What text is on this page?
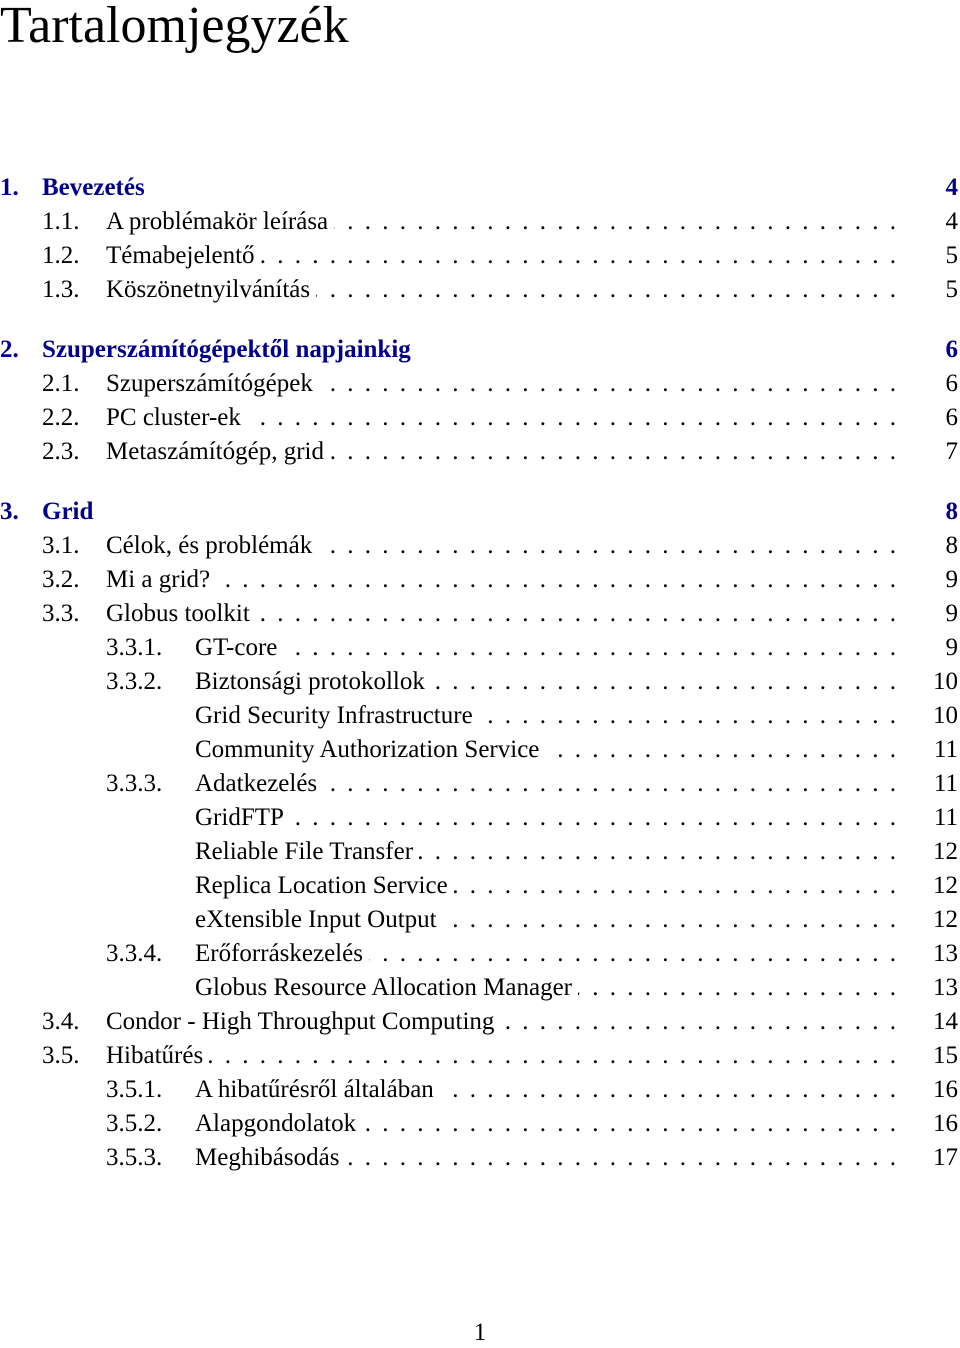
Tartalomjegyzék
1. Bevezetés	4
1.1. A problémakör leírása . . .	4
1.2. Témabejelentő . . .	5
1.3. Köszönetnyilvánítás . . .	5
2. Szuperszámítógépektől napjainkig	6
2.1. Szuperszámítógépek . . .	6
2.2. PC cluster-ek . . .	6
2.3. Metaszámítógép, grid . . .	7
3. Grid	8
3.1. Célok, és problémák . . .	8
3.2. Mi a grid? . . .	9
3.3. Globus toolkit . . .	9
3.3.1. GT-core . . .	9
3.3.2. Biztonsági protokollok . . .	10
Grid Security Infrastructure . . .	10
Community Authorization Service . . .	11
3.3.3. Adatkezelés . . .	11
GridFTP . . .	11
Reliable File Transfer . . .	12
Replica Location Service . . .	12
eXtensible Input Output . . .	12
3.3.4. Erőforráskezelés . . .	13
Globus Resource Allocation Manager . . .	13
3.4. Condor - High Throughput Computing . . .	14
3.5. Hibatűrés . . .	15
3.5.1. A hibatűrésről általában . . .	16
3.5.2. Alapgondolatok . . .	16
3.5.3. Meghibásodás . . .	17
1
